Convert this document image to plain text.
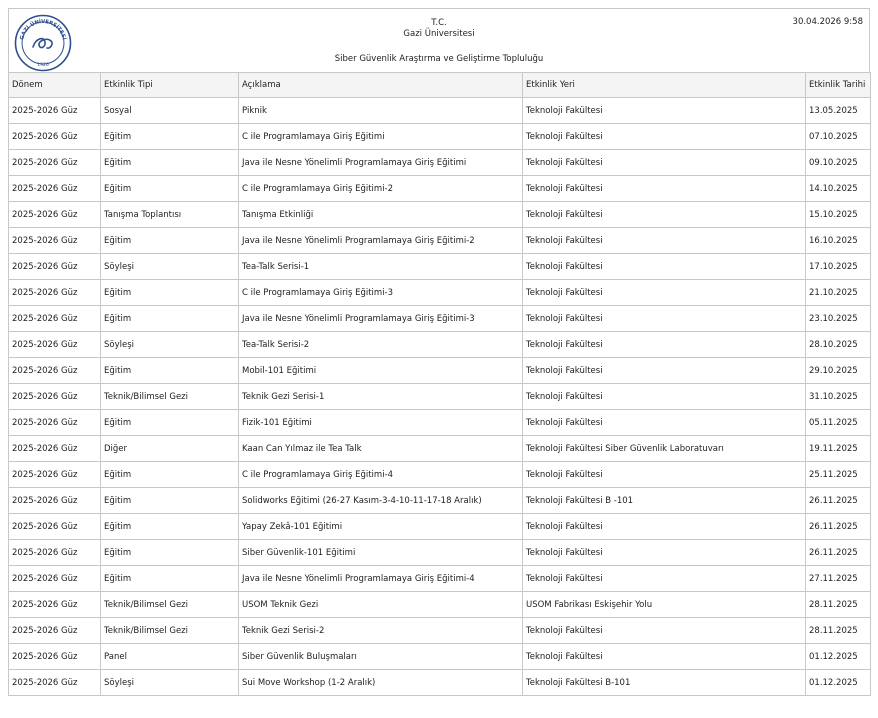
GAZİ ÜNİVERSİTESİ
1926
T.C.
Gazi Üniversitesi
Siber Güvenlik Araştırma ve Geliştirme Topluluğu
30.04.2026 9:58
Dönem	Etkinlik Tipi	Açıklama	Etkinlik Yeri	Etkinlik Tarihi
2025-2026 Güz	Sosyal	Piknik	Teknoloji Fakültesi	13.05.2025
2025-2026 Güz	Eğitim	C ile Programlamaya Giriş Eğitimi	Teknoloji Fakültesi	07.10.2025
2025-2026 Güz	Eğitim	Java ile Nesne Yönelimli Programlamaya Giriş Eğitimi	Teknoloji Fakültesi	09.10.2025
2025-2026 Güz	Eğitim	C ile Programlamaya Giriş Eğitimi-2	Teknoloji Fakültesi	14.10.2025
2025-2026 Güz	Tanışma Toplantısı	Tanışma Etkinliği	Teknoloji Fakültesi	15.10.2025
2025-2026 Güz	Eğitim	Java ile Nesne Yönelimli Programlamaya Giriş Eğitimi-2	Teknoloji Fakültesi	16.10.2025
2025-2026 Güz	Söyleşi	Tea-Talk Serisi-1	Teknoloji Fakültesi	17.10.2025
2025-2026 Güz	Eğitim	C ile Programlamaya Giriş Eğitimi-3	Teknoloji Fakültesi	21.10.2025
2025-2026 Güz	Eğitim	Java ile Nesne Yönelimli Programlamaya Giriş Eğitimi-3	Teknoloji Fakültesi	23.10.2025
2025-2026 Güz	Söyleşi	Tea-Talk Serisi-2	Teknoloji Fakültesi	28.10.2025
2025-2026 Güz	Eğitim	Mobil-101 Eğitimi	Teknoloji Fakültesi	29.10.2025
2025-2026 Güz	Teknik/Bilimsel Gezi	Teknik Gezi Serisi-1	Teknoloji Fakültesi	31.10.2025
2025-2026 Güz	Eğitim	Fizik-101 Eğitimi	Teknoloji Fakültesi	05.11.2025
2025-2026 Güz	Diğer	Kaan Can Yılmaz ile Tea Talk	Teknoloji Fakültesi Siber Güvenlik Laboratuvarı	19.11.2025
2025-2026 Güz	Eğitim	C ile Programlamaya Giriş Eğitimi-4	Teknoloji Fakültesi	25.11.2025
2025-2026 Güz	Eğitim	Solidworks Eğitimi (26-27 Kasım-3-4-10-11-17-18 Aralık)	Teknoloji Fakültesi B -101	26.11.2025
2025-2026 Güz	Eğitim	Yapay Zekâ-101 Eğitimi	Teknoloji Fakültesi	26.11.2025
2025-2026 Güz	Eğitim	Siber Güvenlik-101 Eğitimi	Teknoloji Fakültesi	26.11.2025
2025-2026 Güz	Eğitim	Java ile Nesne Yönelimli Programlamaya Giriş Eğitimi-4	Teknoloji Fakültesi	27.11.2025
2025-2026 Güz	Teknik/Bilimsel Gezi	USOM Teknik Gezi	USOM Fabrikası Eskişehir Yolu	28.11.2025
2025-2026 Güz	Teknik/Bilimsel Gezi	Teknik Gezi Serisi-2	Teknoloji Fakültesi	28.11.2025
2025-2026 Güz	Panel	Siber Güvenlik Buluşmaları	Teknoloji Fakültesi	01.12.2025
2025-2026 Güz	Söyleşi	Sui Move Workshop (1-2 Aralık)	Teknoloji Fakültesi B-101	01.12.2025
